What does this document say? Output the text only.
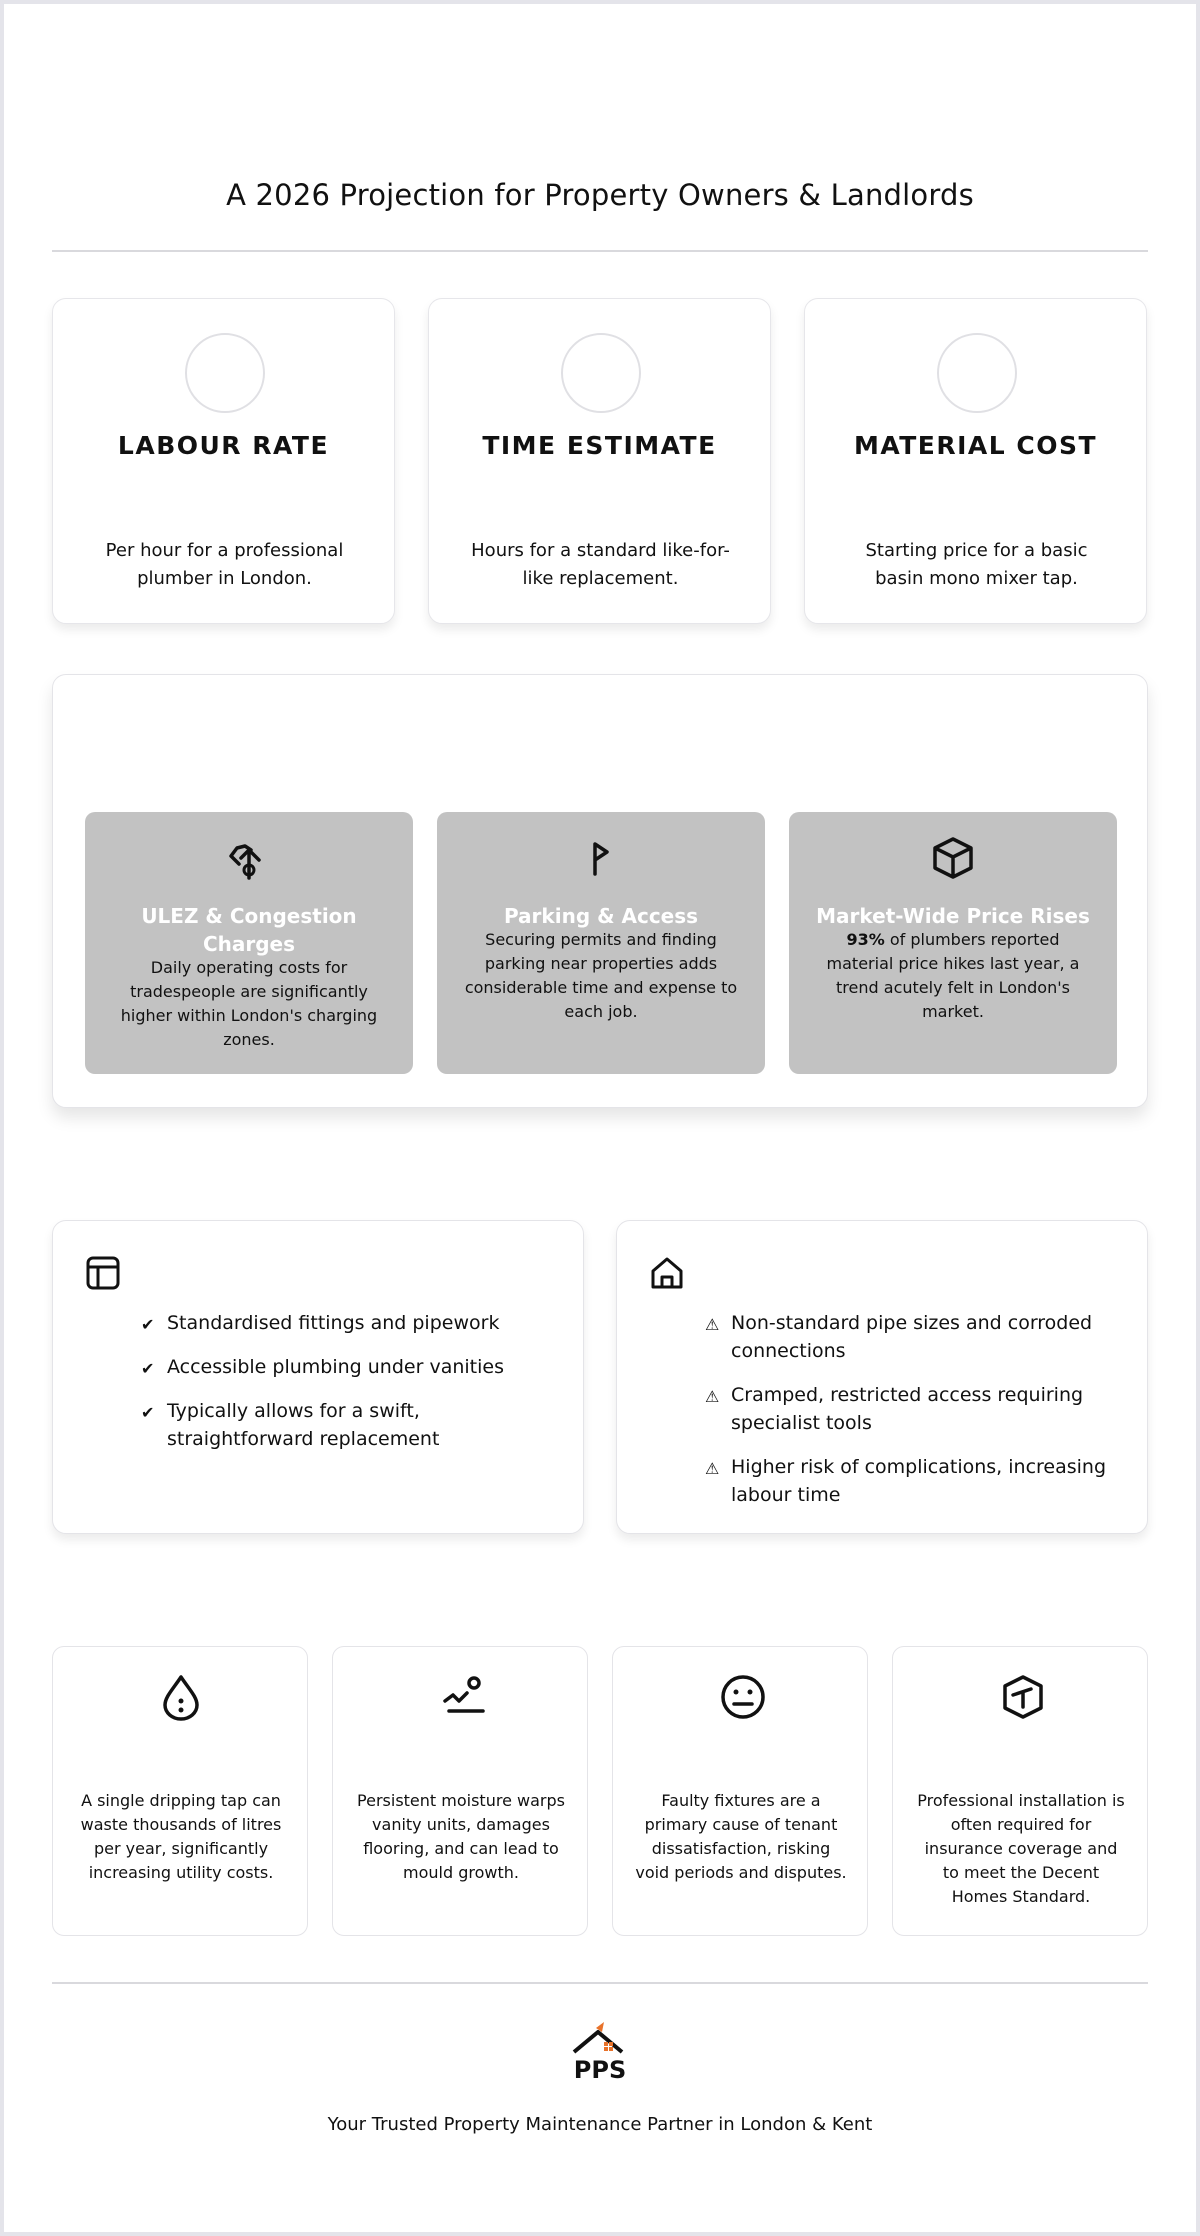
A 2026 Projection for Property Owners & Landlords
LABOUR RATE
Per hour for a professional plumber in London.
TIME ESTIMATE
Hours for a standard like-for-like replacement.
MATERIAL COST
Starting price for a basic basin mono mixer tap.
ULEZ & Congestion Charges
Daily operating costs for tradespeople are significantly higher within London's charging zones.
Parking & Access
Securing permits and finding parking near properties adds considerable time and expense to each job.
Market-Wide Price Rises
93% of plumbers reported material price hikes last year, a trend acutely felt in London's market.
✔ Standardised fittings and pipework
✔ Accessible plumbing under vanities
✔ Typically allows for a swift, straightforward replacement
⚠ Non-standard pipe sizes and corroded connections
⚠ Cramped, restricted access requiring specialist tools
⚠ Higher risk of complications, increasing labour time
A single dripping tap can waste thousands of litres per year, significantly increasing utility costs.
Persistent moisture warps vanity units, damages flooring, and can lead to mould growth.
Faulty fixtures are a primary cause of tenant dissatisfaction, risking void periods and disputes.
Professional installation is often required for insurance coverage and to meet the Decent Homes Standard.
PPS
Your Trusted Property Maintenance Partner in London & Kent
